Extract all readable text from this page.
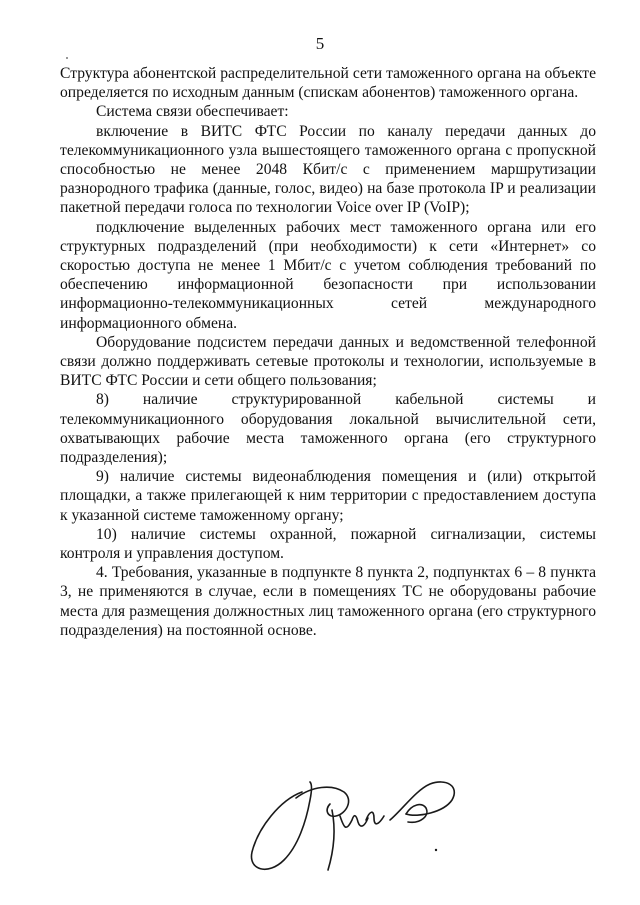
5

Структура абонентской распределительной сети таможенного органа на объекте определяется по исходным данным (спискам абонентов) таможенного органа.

Система связи обеспечивает:

включение в ВИТС ФТС России по каналу передачи данных до телекоммуникационного узла вышестоящего таможенного органа с пропускной способностью не менее 2048 Кбит/с с применением маршрутизации разнородного трафика (данные, голос, видео) на базе протокола IP и реализации пакетной передачи голоса по технологии Voice over IP (VoIP);

подключение выделенных рабочих мест таможенного органа или его структурных подразделений (при необходимости) к сети «Интернет» со скоростью доступа не менее 1 Мбит/с с учетом соблюдения требований по обеспечению информационной безопасности при использовании информационно-телекоммуникационных сетей международного информационного обмена.

Оборудование подсистем передачи данных и ведомственной телефонной связи должно поддерживать сетевые протоколы и технологии, используемые в ВИТС ФТС России и сети общего пользования;

8) наличие структурированной кабельной системы и телекоммуникационного оборудования локальной вычислительной сети, охватывающих рабочие места таможенного органа (его структурного подразделения);

9) наличие системы видеонаблюдения помещения и (или) открытой площадки, а также прилегающей к ним территории с предоставлением доступа к указанной системе таможенному органу;

10) наличие системы охранной, пожарной сигнализации, системы контроля и управления доступом.

4. Требования, указанные в подпункте 8 пункта 2, подпунктах 6 – 8 пункта 3, не применяются в случае, если в помещениях ТС не оборудованы рабочие места для размещения должностных лиц таможенного органа (его структурного подразделения) на постоянной основе.
